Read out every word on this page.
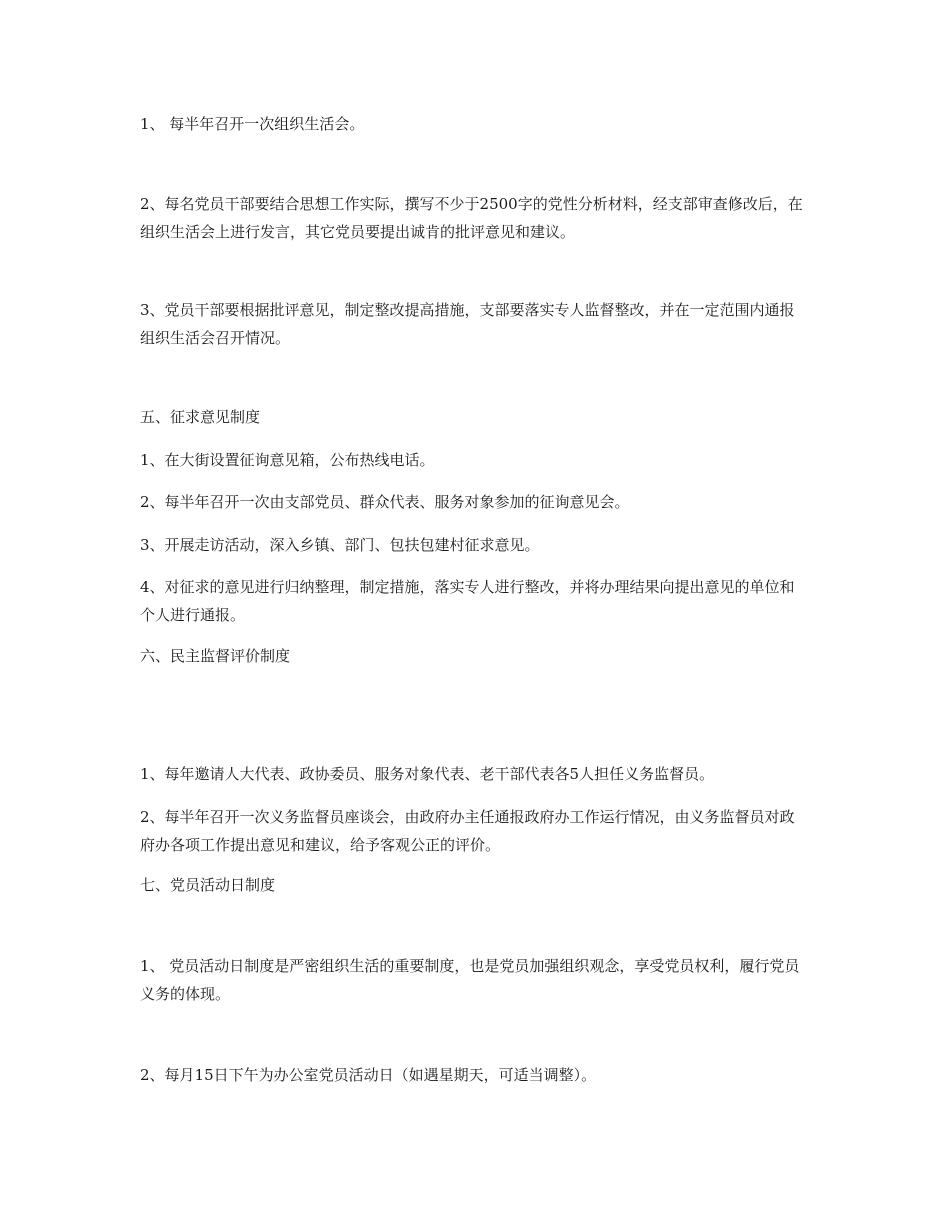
1、 每半年召开一次组织生活会。

2、每名党员干部要结合思想工作实际，撰写不少于2500字的党性分析材料，经支部审查修改后，在组织生活会上进行发言，其它党员要提出诚肯的批评意见和建议。

3、党员干部要根据批评意见，制定整改提高措施，支部要落实专人监督整改，并在一定范围内通报组织生活会召开情况。

五、征求意见制度

1、在大街设置征询意见箱，公布热线电话。

2、每半年召开一次由支部党员、群众代表、服务对象参加的征询意见会。

3、开展走访活动，深入乡镇、部门、包扶包建村征求意见。

4、对征求的意见进行归纳整理，制定措施，落实专人进行整改，并将办理结果向提出意见的单位和个人进行通报。

六、民主监督评价制度

1、每年邀请人大代表、政协委员、服务对象代表、老干部代表各5人担任义务监督员。

2、每半年召开一次义务监督员座谈会，由政府办主任通报政府办工作运行情况，由义务监督员对政府办各项工作提出意见和建议，给予客观公正的评价。

七、党员活动日制度

1、 党员活动日制度是严密组织生活的重要制度，也是党员加强组织观念，享受党员权利，履行党员义务的体现。

2、每月15日下午为办公室党员活动日（如遇星期天，可适当调整）。
